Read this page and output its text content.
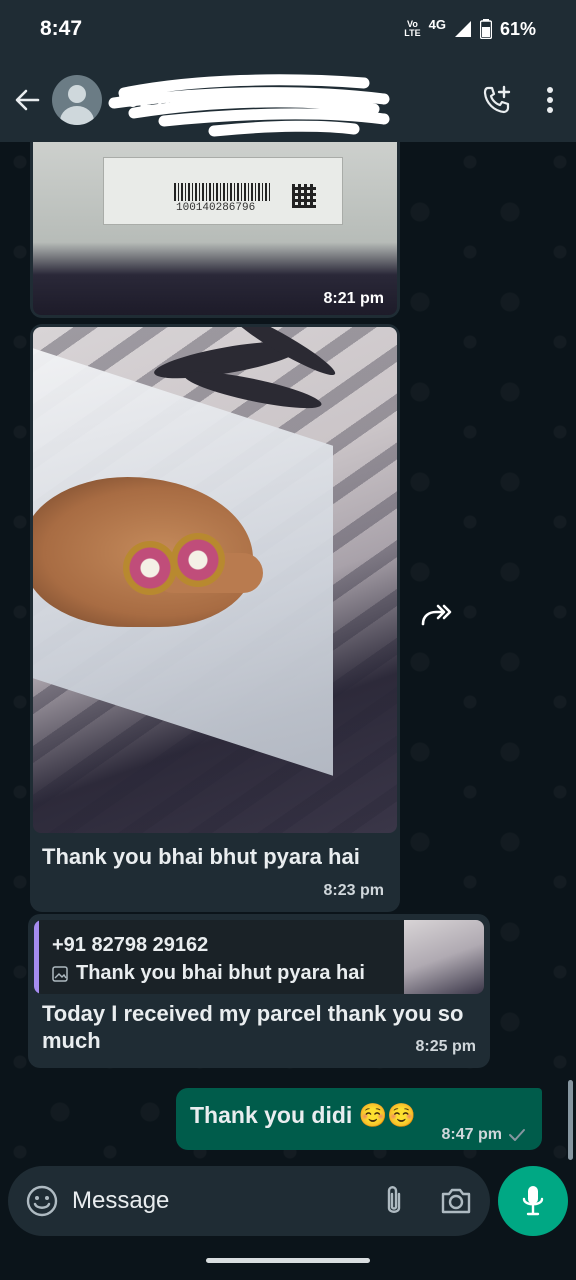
8:47	Vo
LTE
4G	61%
+91 82798 29162
100140286796
8:21 pm
Thank you bhai bhut pyara hai
8:23 pm
+91 82798 29162
Thank you bhai bhut pyara hai
Today I received my parcel thank you so much	8:25 pm
Thank you didi ☺️☺️
8:47 pm
Message
